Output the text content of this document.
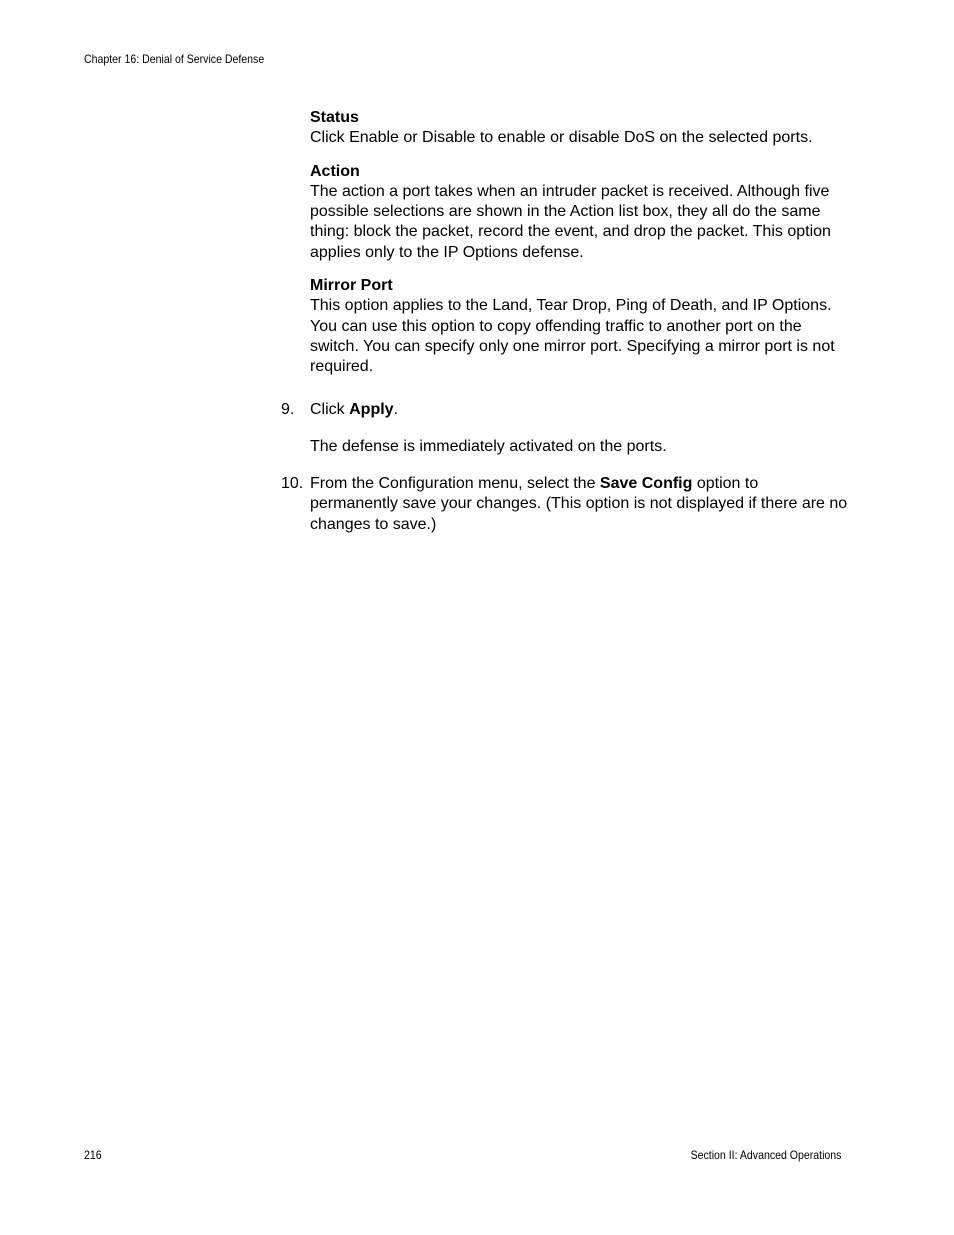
Chapter 16: Denial of Service Defense

Status

Click Enable or Disable to enable or disable DoS on the selected ports.

Action

The action a port takes when an intruder packet is received. Although five possible selections are shown in the Action list box, they all do the same thing: block the packet, record the event, and drop the packet. This option applies only to the IP Options defense.

Mirror Port

This option applies to the Land, Tear Drop, Ping of Death, and IP Options. You can use this option to copy offending traffic to another port on the switch. You can specify only one mirror port. Specifying a mirror port is not required.

9. Click Apply.

The defense is immediately activated on the ports.

10. From the Configuration menu, select the Save Config option to permanently save your changes. (This option is not displayed if there are no changes to save.)

216	Section II: Advanced Operations
